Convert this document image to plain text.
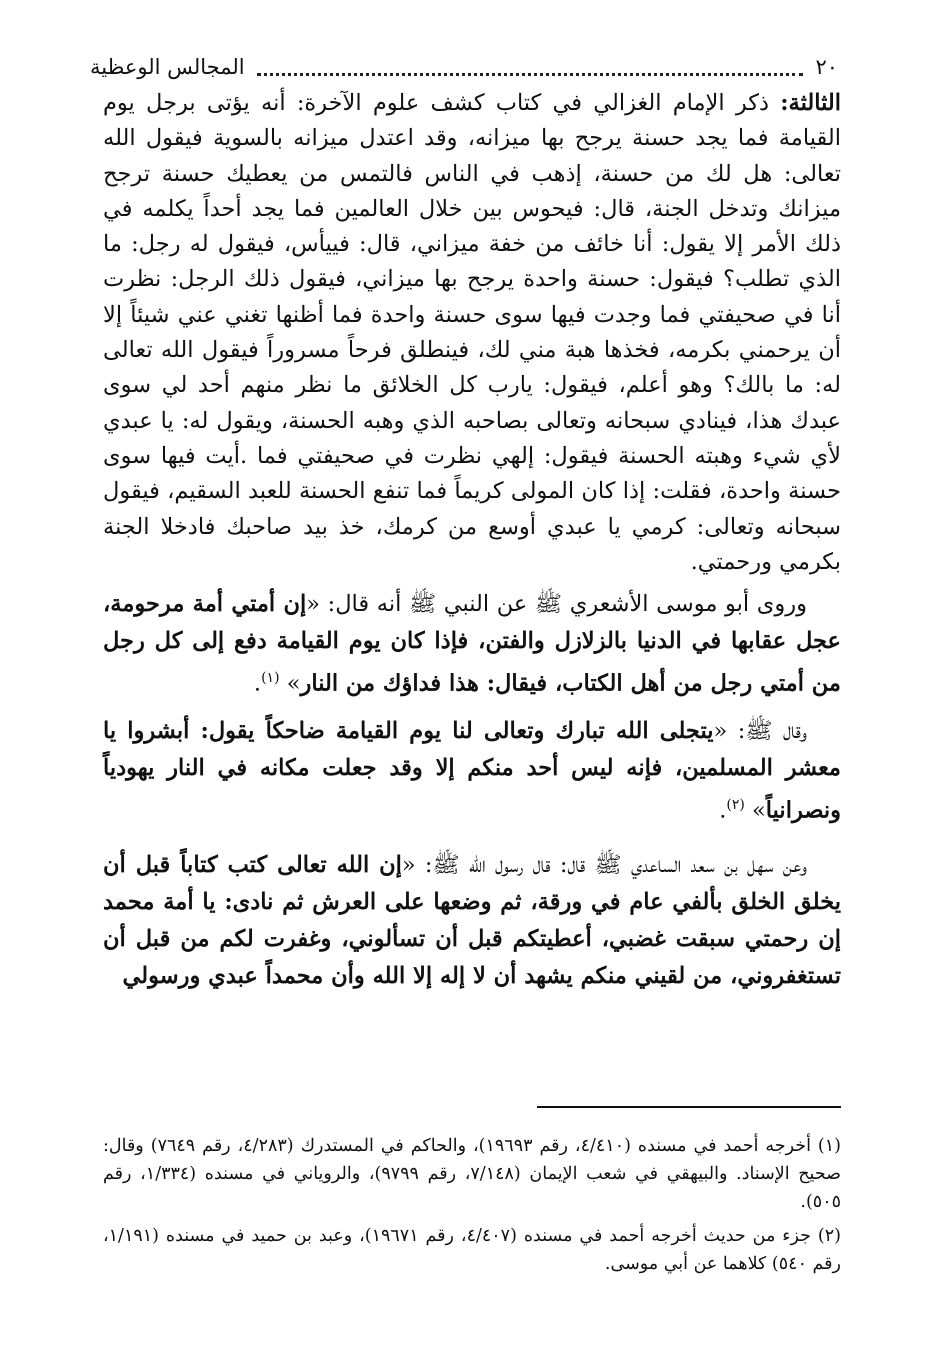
٢٠
المجالس الوعظية

الثالثة: ذكر الإمام الغزالي في كتاب كشف علوم الآخرة: أنه يؤتى برجل يوم القيامة فما يجد حسنة يرجح بها ميزانه، وقد اعتدل ميزانه بالسوية فيقول الله تعالى: هل لك من حسنة، إذهب في الناس فالتمس من يعطيك حسنة ترجح ميزانك وتدخل الجنة، قال: فيحوس بين خلال العالمين فما يجد أحداً يكلمه في ذلك الأمر إلا يقول: أنا خائف من خفة ميزاني، قال: فييأس، فيقول له رجل: ما الذي تطلب؟ فيقول: حسنة واحدة يرجح بها ميزاني، فيقول ذلك الرجل: نظرت أنا في صحيفتي فما وجدت فيها سوى حسنة واحدة فما أظنها تغني عني شيئاً إلا أن يرحمني بكرمه، فخذها هبة مني لك، فينطلق فرحاً مسروراً فيقول الله تعالى له: ما بالك؟ وهو أعلم، فيقول: يارب كل الخلائق ما نظر منهم أحد لي سوى عبدك هذا، فينادي سبحانه وتعالى بصاحبه الذي وهبه الحسنة، ويقول له: يا عبدي لأي شيء وهبته الحسنة فيقول: إلهي نظرت في صحيفتي فما .أيت فيها سوى حسنة واحدة، فقلت: إذا كان المولى كريماً فما تنفع الحسنة للعبد السقيم، فيقول سبحانه وتعالى: كرمي يا عبدي أوسع من كرمك، خذ بيد صاحبك فادخلا الجنة بكرمي ورحمتي.

وروى أبو موسى الأشعري ﷺ عن النبي ﷺ أنه قال: «إن أمتي أمة مرحومة، عجل عقابها في الدنيا بالزلازل والفتن، فإذا كان يوم القيامة دفع إلى كل رجل من أمتي رجل من أهل الكتاب، فيقال: هذا فداؤك من النار» $^{(١)}$.

وقال ﷺ: «يتجلى الله تبارك وتعالى لنا يوم القيامة ضاحكاً يقول: أبشروا يا معشر المسلمين، فإنه ليس أحد منكم إلا وقد جعلت مكانه في النار يهودياً ونصرانياً» $^{(٢)}$.

وعن سهل بن سعد الساعدي ﷺ قال: قال رسول الله ﷺ: «إن الله تعالى كتب كتاباً قبل أن يخلق الخلق بألفي عام في ورقة، ثم وضعها على العرش ثم نادى: يا أمة محمد إن رحمتي سبقت غضبي، أعطيتكم قبل أن تسألوني، وغفرت لكم من قبل أن تستغفروني، من لقيني منكم يشهد أن لا إله إلا الله وأن محمداً عبدي ورسولي

(١) أخرجه أحمد في مسنده (٤/٤١٠، رقم ١٩٦٩٣)، والحاكم في المستدرك (٤/٢٨٣، رقم ٧٦٤٩) وقال: صحيح الإسناد. والبيهقي في شعب الإيمان (٧/١٤٨، رقم ٩٧٩٩)، والروياني في مسنده (١/٣٣٤، رقم ٥٠٥).

(٢) جزء من حديث أخرجه أحمد في مسنده (٤/٤٠٧، رقم ١٩٦٧١)، وعبد بن حميد في مسنده (١/١٩١، رقم ٥٤٠) كلاهما عن أبي موسى.
